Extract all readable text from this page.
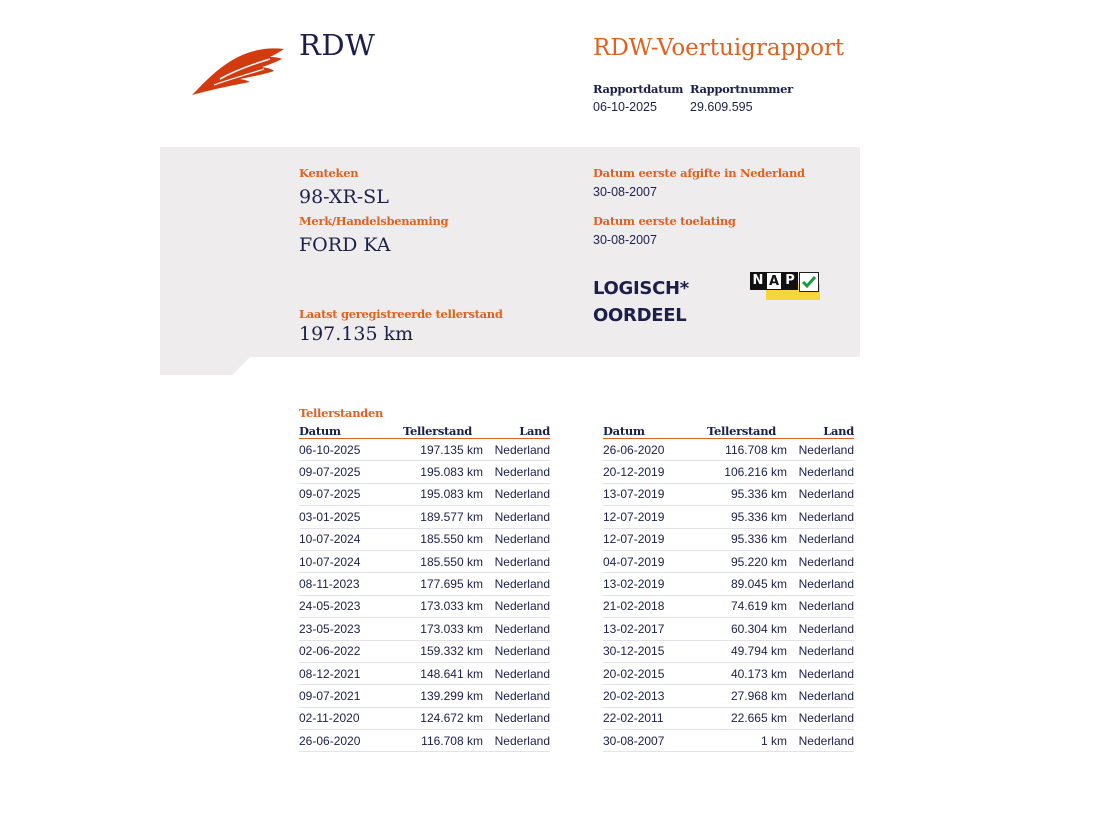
RDW	RDW-Voertuigrapport
Rapportdatum
06-10-2025
Rapportnummer
29.609.595
Kenteken
98-XR-SL
Merk/Handelsbenaming
FORD KA
Datum eerste afgifte in Nederland
30-08-2007
Datum eerste toelating
30-08-2007
LOGISCH*
OORDEEL
N A P
Laatst geregistreerde tellerstand
197.135 km
Tellerstanden
Datum	Tellerstand	Land
06-10-2025	197.135 km	Nederland
09-07-2025	195.083 km	Nederland
09-07-2025	195.083 km	Nederland
03-01-2025	189.577 km	Nederland
10-07-2024	185.550 km	Nederland
10-07-2024	185.550 km	Nederland
08-11-2023	177.695 km	Nederland
24-05-2023	173.033 km	Nederland
23-05-2023	173.033 km	Nederland
02-06-2022	159.332 km	Nederland
08-12-2021	148.641 km	Nederland
09-07-2021	139.299 km	Nederland
02-11-2020	124.672 km	Nederland
26-06-2020	116.708 km	Nederland
Datum	Tellerstand	Land
26-06-2020	116.708 km	Nederland
20-12-2019	106.216 km	Nederland
13-07-2019	95.336 km	Nederland
12-07-2019	95.336 km	Nederland
12-07-2019	95.336 km	Nederland
04-07-2019	95.220 km	Nederland
13-02-2019	89.045 km	Nederland
21-02-2018	74.619 km	Nederland
13-02-2017	60.304 km	Nederland
30-12-2015	49.794 km	Nederland
20-02-2015	40.173 km	Nederland
20-02-2013	27.968 km	Nederland
22-02-2011	22.665 km	Nederland
30-08-2007	1 km	Nederland
